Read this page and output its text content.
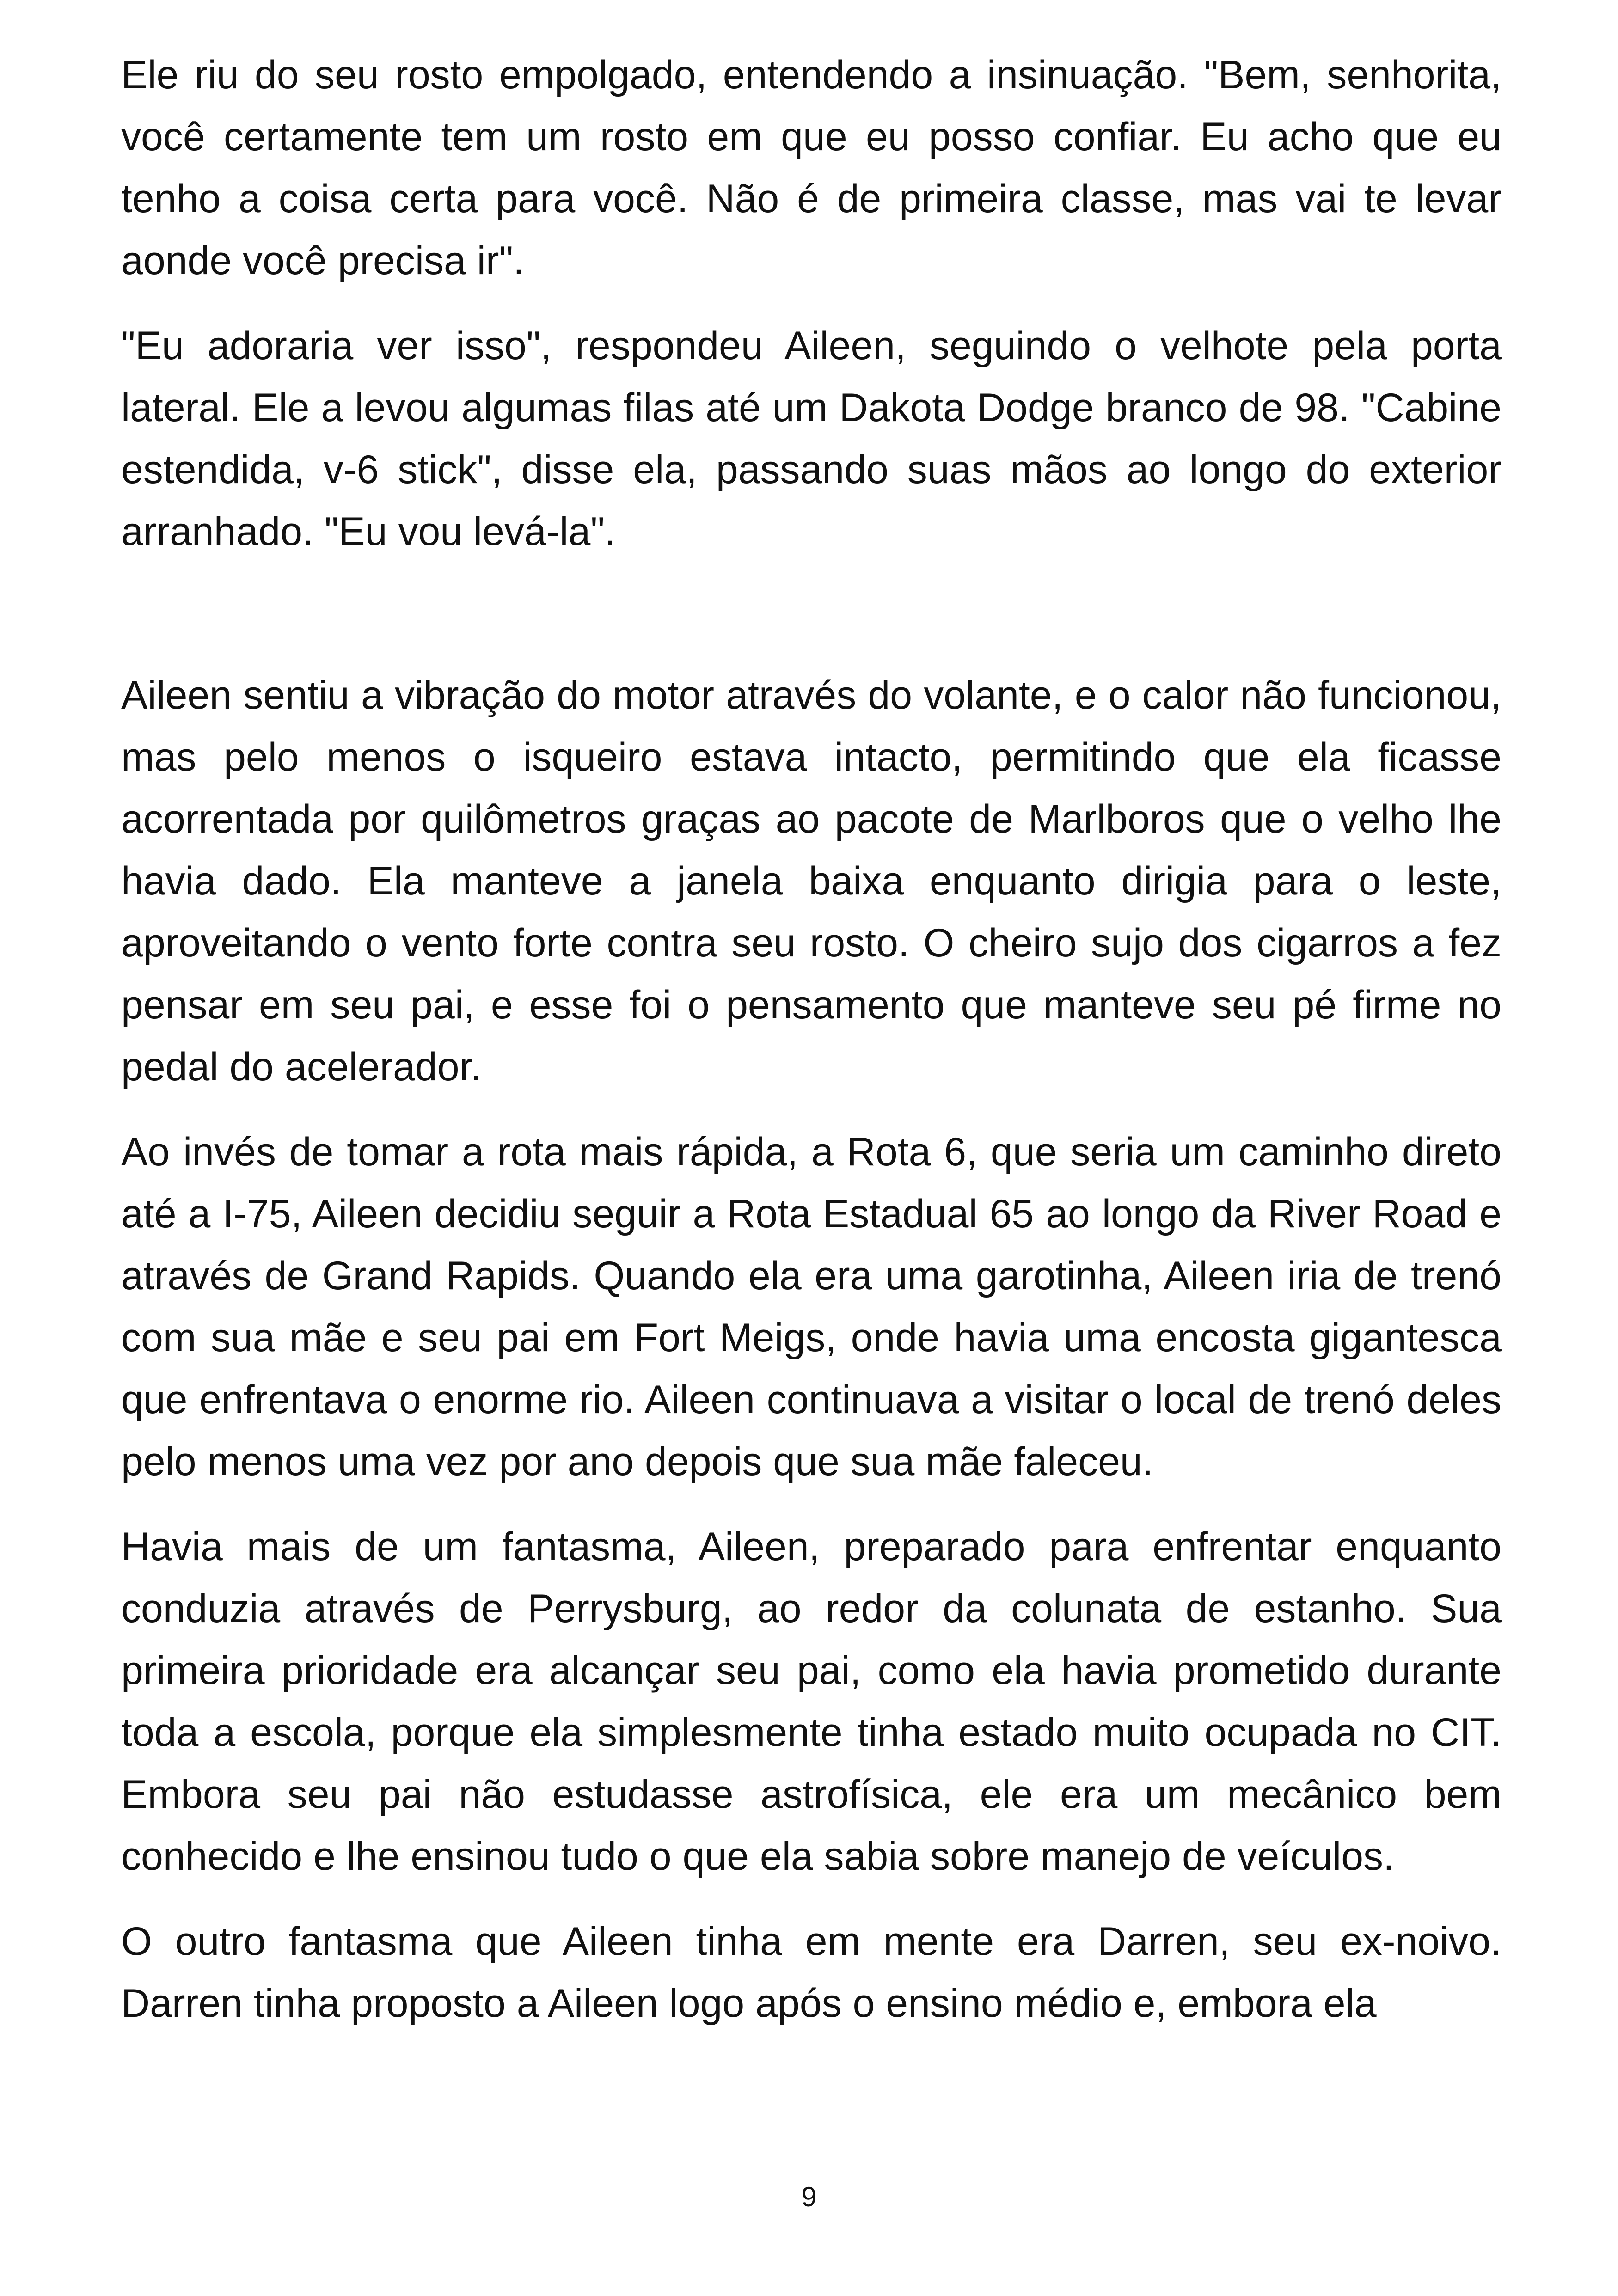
Ele riu do seu rosto empolgado, entendendo a insinuação. "Bem, senhorita, você certamente tem um rosto em que eu posso confiar. Eu acho que eu tenho a coisa certa para você. Não é de primeira classe, mas vai te levar aonde você precisa ir".

"Eu adoraria ver isso", respondeu Aileen, seguindo o velhote pela porta lateral. Ele a levou algumas filas até um Dakota Dodge branco de 98. "Cabine estendida, v-6 stick", disse ela, passando suas mãos ao longo do exterior arranhado. "Eu vou levá-la".

Aileen sentiu a vibração do motor através do volante, e o calor não funcionou, mas pelo menos o isqueiro estava intacto, permitindo que ela ficasse acorrentada por quilômetros graças ao pacote de Marlboros que o velho lhe havia dado. Ela manteve a janela baixa enquanto dirigia para o leste, aproveitando o vento forte contra seu rosto. O cheiro sujo dos cigarros a fez pensar em seu pai, e esse foi o pensamento que manteve seu pé firme no pedal do acelerador.

Ao invés de tomar a rota mais rápida, a Rota 6, que seria um caminho direto até a I-75, Aileen decidiu seguir a Rota Estadual 65 ao longo da River Road e através de Grand Rapids. Quando ela era uma garotinha, Aileen iria de trenó com sua mãe e seu pai em Fort Meigs, onde havia uma encosta gigantesca que enfrentava o enorme rio. Aileen continuava a visitar o local de trenó deles pelo menos uma vez por ano depois que sua mãe faleceu.

Havia mais de um fantasma, Aileen, preparado para enfrentar enquanto conduzia através de Perrysburg, ao redor da colunata de estanho. Sua primeira prioridade era alcançar seu pai, como ela havia prometido durante toda a escola, porque ela simplesmente tinha estado muito ocupada no CIT. Embora seu pai não estudasse astrofísica, ele era um mecânico bem conhecido e lhe ensinou tudo o que ela sabia sobre manejo de veículos.

O outro fantasma que Aileen tinha em mente era Darren, seu ex-noivo. Darren tinha proposto a Aileen logo após o ensino médio e, embora ela

9
